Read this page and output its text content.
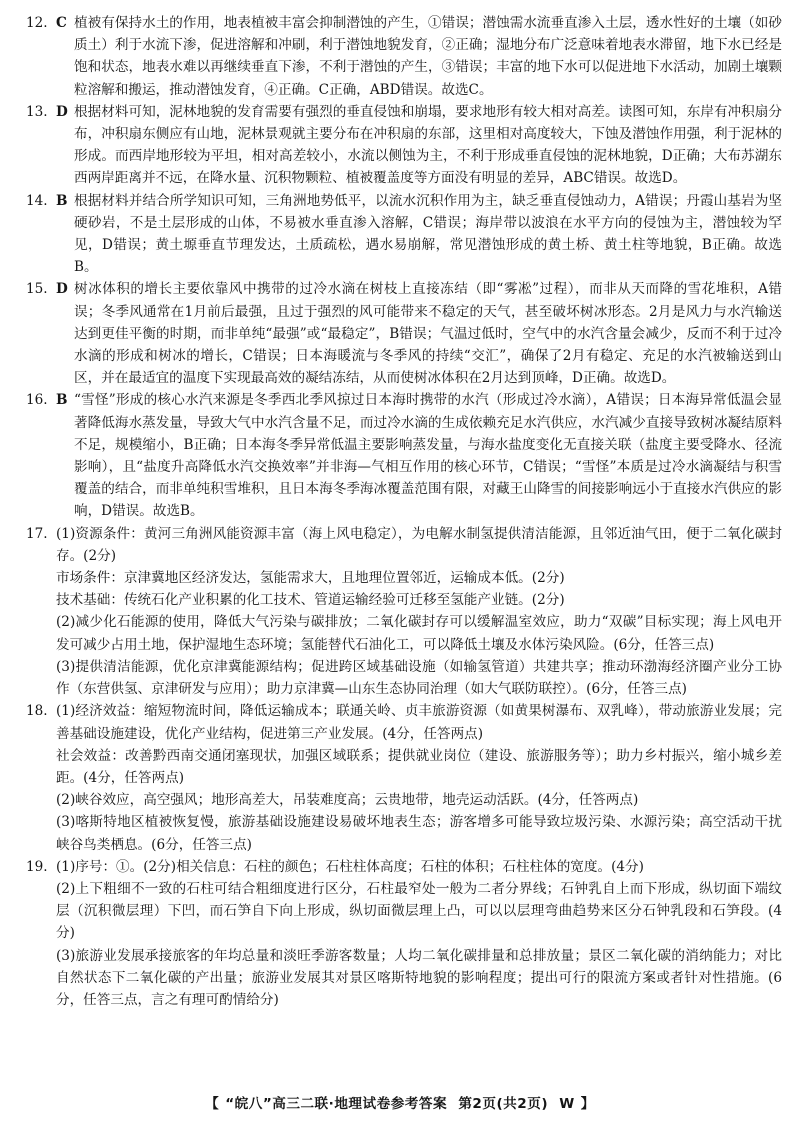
12. C 植被有保持水土的作用，地表植被丰富会抑制潜蚀的产生，①错误；潜蚀需水流垂直渗入土层，透水性好的土壤（如砂质土）利于水流下渗，促进溶解和冲刷，利于潜蚀地貌发育，②正确；湿地分布广泛意味着地表水滞留，地下水已经是饱和状态，地表水难以再继续垂直下渗，不利于潜蚀的产生，③错误；丰富的地下水可以促进地下水活动，加剧土壤颗粒溶解和搬运，推动潜蚀发育，④正确。C正确，ABD错误。故选C。
13. D 根据材料可知，泥林地貌的发育需要有强烈的垂直侵蚀和崩塌，要求地形有较大相对高差。读图可知，东岸有冲积扇分布，冲积扇东侧应有山地，泥林景观就主要分布在冲积扇的东部，这里相对高度较大，下蚀及潜蚀作用强，利于泥林的形成。而西岸地形较为平坦，相对高差较小，水流以侧蚀为主，不利于形成垂直侵蚀的泥林地貌，D正确；大布苏湖东西两岸距离并不远，在降水量、沉积物颗粒、植被覆盖度等方面没有明显的差异，ABC错误。故选D。
14. B 根据材料并结合所学知识可知，三角洲地势低平，以流水沉积作用为主，缺乏垂直侵蚀动力，A错误；丹霞山基岩为坚硬砂岩，不是土层形成的山体，不易被水垂直渗入溶解，C错误；海岸带以波浪在水平方向的侵蚀为主，潜蚀较为罕见，D错误；黄土塬垂直节理发达，土质疏松，遇水易崩解，常见潜蚀形成的黄土桥、黄土柱等地貌，B正确。故选B。
15. D 树冰体积的增长主要依靠风中携带的过冷水滴在树枝上直接冻结（即“雾凇”过程），而非从天而降的雪花堆积，A错误；冬季风通常在1月前后最强，且过于强烈的风可能带来不稳定的天气，甚至破坏树冰形态。2月是风力与水汽输送达到更佳平衡的时期，而非单纯“最强”或“最稳定”，B错误；气温过低时，空气中的水汽含量会减少，反而不利于过冷水滴的形成和树冰的增长，C错误；日本海暖流与冬季风的持续“交汇”，确保了2月有稳定、充足的水汽被输送到山区，并在最适宜的温度下实现最高效的凝结冻结，从而使树冰体积在2月达到顶峰，D正确。故选D。
16. B “雪怪”形成的核心水汽来源是冬季西北季风掠过日本海时携带的水汽（形成过冷水滴），A错误；日本海异常低温会显著降低海水蒸发量，导致大气中水汽含量不足，而过冷水滴的生成依赖充足水汽供应，水汽减少直接导致树冰凝结原料不足，规模缩小，B正确；日本海冬季异常低温主要影响蒸发量，与海水盐度变化无直接关联（盐度主要受降水、径流影响），且“盐度升高降低水汽交换效率”并非海—气相互作用的核心环节，C错误；“雪怪”本质是过冷水滴凝结与积雪覆盖的结合，而非单纯积雪堆积，且日本海冬季海冰覆盖范围有限，对藏王山降雪的间接影响远小于直接水汽供应的影响，D错误。故选B。
17. (1)资源条件：黄河三角洲风能资源丰富（海上风电稳定），为电解水制氢提供清洁能源，且邻近油气田，便于二氧化碳封存。(2分)

市场条件：京津冀地区经济发达，氢能需求大，且地理位置邻近，运输成本低。(2分)

技术基础：传统石化产业积累的化工技术、管道运输经验可迁移至氢能产业链。(2分)

(2)减少化石能源的使用，降低大气污染与碳排放；二氧化碳封存可以缓解温室效应，助力“双碳”目标实现；海上风电开发可减少占用土地，保护湿地生态环境；氢能替代石油化工，可以降低土壤及水体污染风险。(6分，任答三点)

(3)提供清洁能源，优化京津冀能源结构；促进跨区域基础设施（如输氢管道）共建共享；推动环渤海经济圈产业分工协作（东营供氢、京津研发与应用）；助力京津冀—山东生态协同治理（如大气联防联控）。(6分，任答三点)

18. (1)经济效益：缩短物流时间，降低运输成本；联通关岭、贞丰旅游资源（如黄果树瀑布、双乳峰），带动旅游业发展；完善基础设施建设，优化产业结构，促进第三产业发展。(4分，任答两点)

社会效益：改善黔西南交通闭塞现状，加强区域联系；提供就业岗位（建设、旅游服务等）；助力乡村振兴，缩小城乡差距。(4分，任答两点)

(2)峡谷效应，高空强风；地形高差大，吊装难度高；云贵地带，地壳运动活跃。(4分，任答两点)

(3)喀斯特地区植被恢复慢，旅游基础设施建设易破坏地表生态；游客增多可能导致垃圾污染、水源污染；高空活动干扰峡谷鸟类栖息。(6分，任答三点)

19. (1)序号：①。(2分)相关信息：石柱的颜色；石柱柱体高度；石柱的体积；石柱柱体的宽度。(4分)

(2)上下粗细不一致的石柱可结合粗细度进行区分，石柱最窄处一般为二者分界线；石钟乳自上而下形成，纵切面下端纹层（沉积微层理）下凹，而石笋自下向上形成，纵切面微层理上凸，可以以层理弯曲趋势来区分石钟乳段和石笋段。(4分)

(3)旅游业发展承接旅客的年均总量和淡旺季游客数量；人均二氧化碳排量和总排放量；景区二氧化碳的消纳能力；对比自然状态下二氧化碳的产出量；旅游业发展其对景区喀斯特地貌的影响程度；提出可行的限流方案或者针对性措施。(6分，任答三点，言之有理可酌情给分)

【 “皖八”高三二联·地理试卷参考答案 第2页(共2页) W 】
